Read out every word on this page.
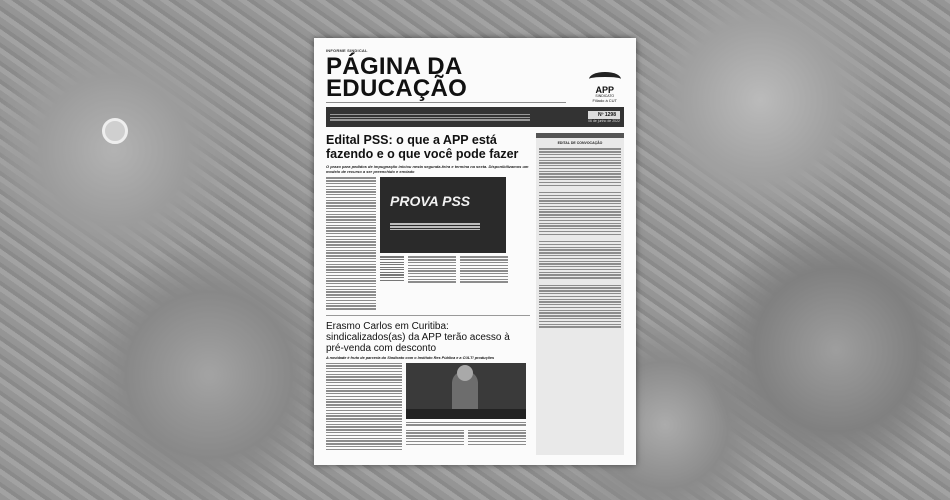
INFORME SINDICAL
PÁGINA DA EDUCAÇÃO	APP
SINDICATO
Filiado à CUT
Nº 1298
06 de junho de 2022
Edital PSS: o que a APP está fazendo e o que você pode fazer
O prazo para pedidos de impugnação iniciou nesta segunda-feira e termina na sexta. Disponibilizamos um modelo de recurso a ser preenchido e enviado
PROVA PSS
Erasmo Carlos em Curitiba: sindicalizados(as) da APP terão acesso à pré-venda com desconto
A novidade é fruto de parceria do Sindicato com o Instituto Res Pública e a CULT! produções
EDITAL DE CONVOCAÇÃO
